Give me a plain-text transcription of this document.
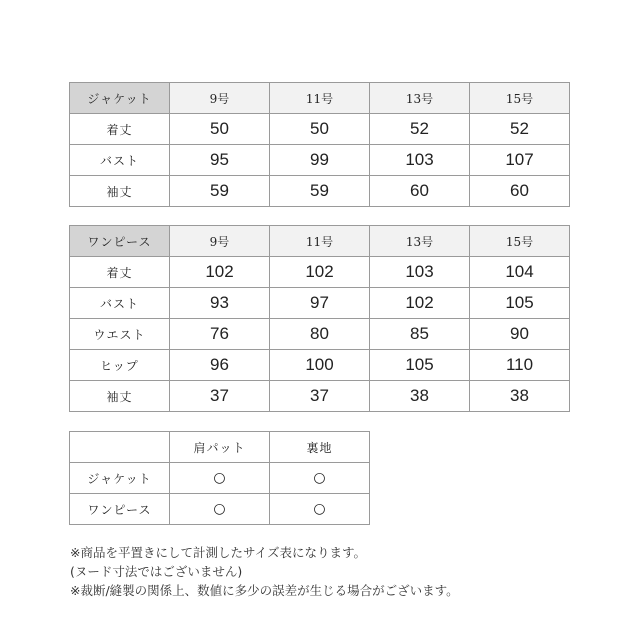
ジャケット	9号	11号	13号	15号
着丈	50	50	52	52
バスト	95	99	103	107
袖丈	59	59	60	60
ワンピース	9号	11号	13号	15号
着丈	102	102	103	104
バスト	93	97	102	105
ウエスト	76	80	85	90
ヒップ	96	100	105	110
袖丈	37	37	38	38
	肩パット	裏地
ジャケット	○	○
ワンピース	○	○
※商品を平置きにして計測したサイズ表になります。
(ヌード寸法ではございません)
※裁断/縫製の関係上、数値に多少の誤差が生じる場合がございます。
